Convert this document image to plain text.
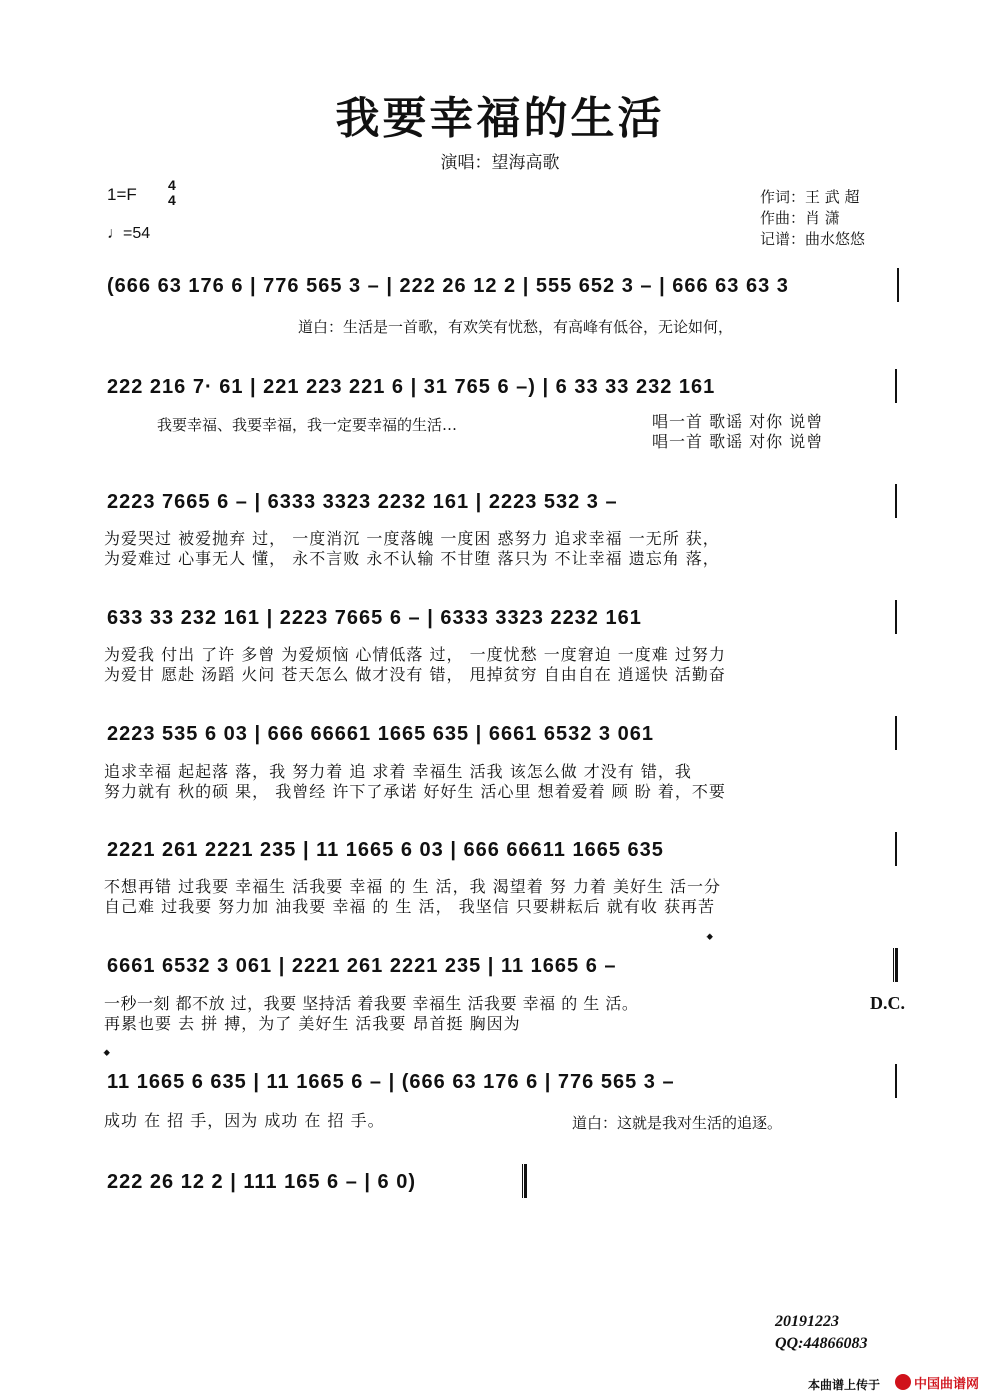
我要幸福的生活
演唱：望海高歌
1=F 4
4
♩=54
作词：王 武 超
作曲：肖 潇
记谱：曲水悠悠
(666 63 176 6 | 776 565 3 – | 222 26 12 2 | 555 652 3 – | 666 63 63 3
道白：生活是一首歌，有欢笑有忧愁，有高峰有低谷，无论如何，
222 216 7· 61 | 221 223 221 6 | 31 765 6 –) | 6 33 33 232 161
我要幸福、我要幸福，我一定要幸福的生活…	唱一首 歌谣 对你 说曾
唱一首 歌谣 对你 说曾
2223 7665 6 – | 6333 3323 2232 161 | 2223 532 3 –
为爱哭过 被爱抛弃 过， 一度消沉 一度落魄 一度困 惑努力 追求幸福 一无所 获，
为爱难过 心事无人 懂， 永不言败 永不认输 不甘堕 落只为 不让幸福 遗忘角 落，
633 33 232 161 | 2223 7665 6 – | 6333 3323 2232 161
为爱我 付出 了许 多曾 为爱烦恼 心情低落 过， 一度忧愁 一度窘迫 一度难 过努力
为爱甘 愿赴 汤蹈 火问 苍天怎么 做才没有 错， 甩掉贫穷 自由自在 逍遥快 活勤奋
2223 535 6 03 | 666 66661 1665 635 | 6661 6532 3 061
追求幸福 起起落 落，我 努力着 追 求着 幸福生 活我 该怎么做 才没有 错，我
努力就有 秋的硕 果， 我曾经 许下了承诺 好好生 活心里 想着爱着 顾 盼 着，不要
2221 261 2221 235 | 11 1665 6 03 | 666 66611 1665 635
不想再错 过我要 幸福生 活我要 幸福 的 生 活，我 渴望着 努 力着 美好生 活一分
自己难 过我要 努力加 油我要 幸福 的 生 活， 我坚信 只要耕耘后 就有收 获再苦
𝄌
6661 6532 3 061 | 2221 261 2221 235 | 11 1665 6 –
一秒一刻 都不放 过，我要 坚持活 着我要 幸福生 活我要 幸福 的 生 活。	D.C.
再累也要 去 拼 搏，为了 美好生 活我要 昂首挺 胸因为
𝄌
11 1665 6 635 | 11 1665 6 – | (666 63 176 6 | 776 565 3 –
成功 在 招 手，因为 成功 在 招 手。	道白：这就是我对生活的追逐。
222 26 12 2 | 111 165 6 – | 6 0)
20191223
QQ:44866083
本曲谱上传于	中国曲谱网
